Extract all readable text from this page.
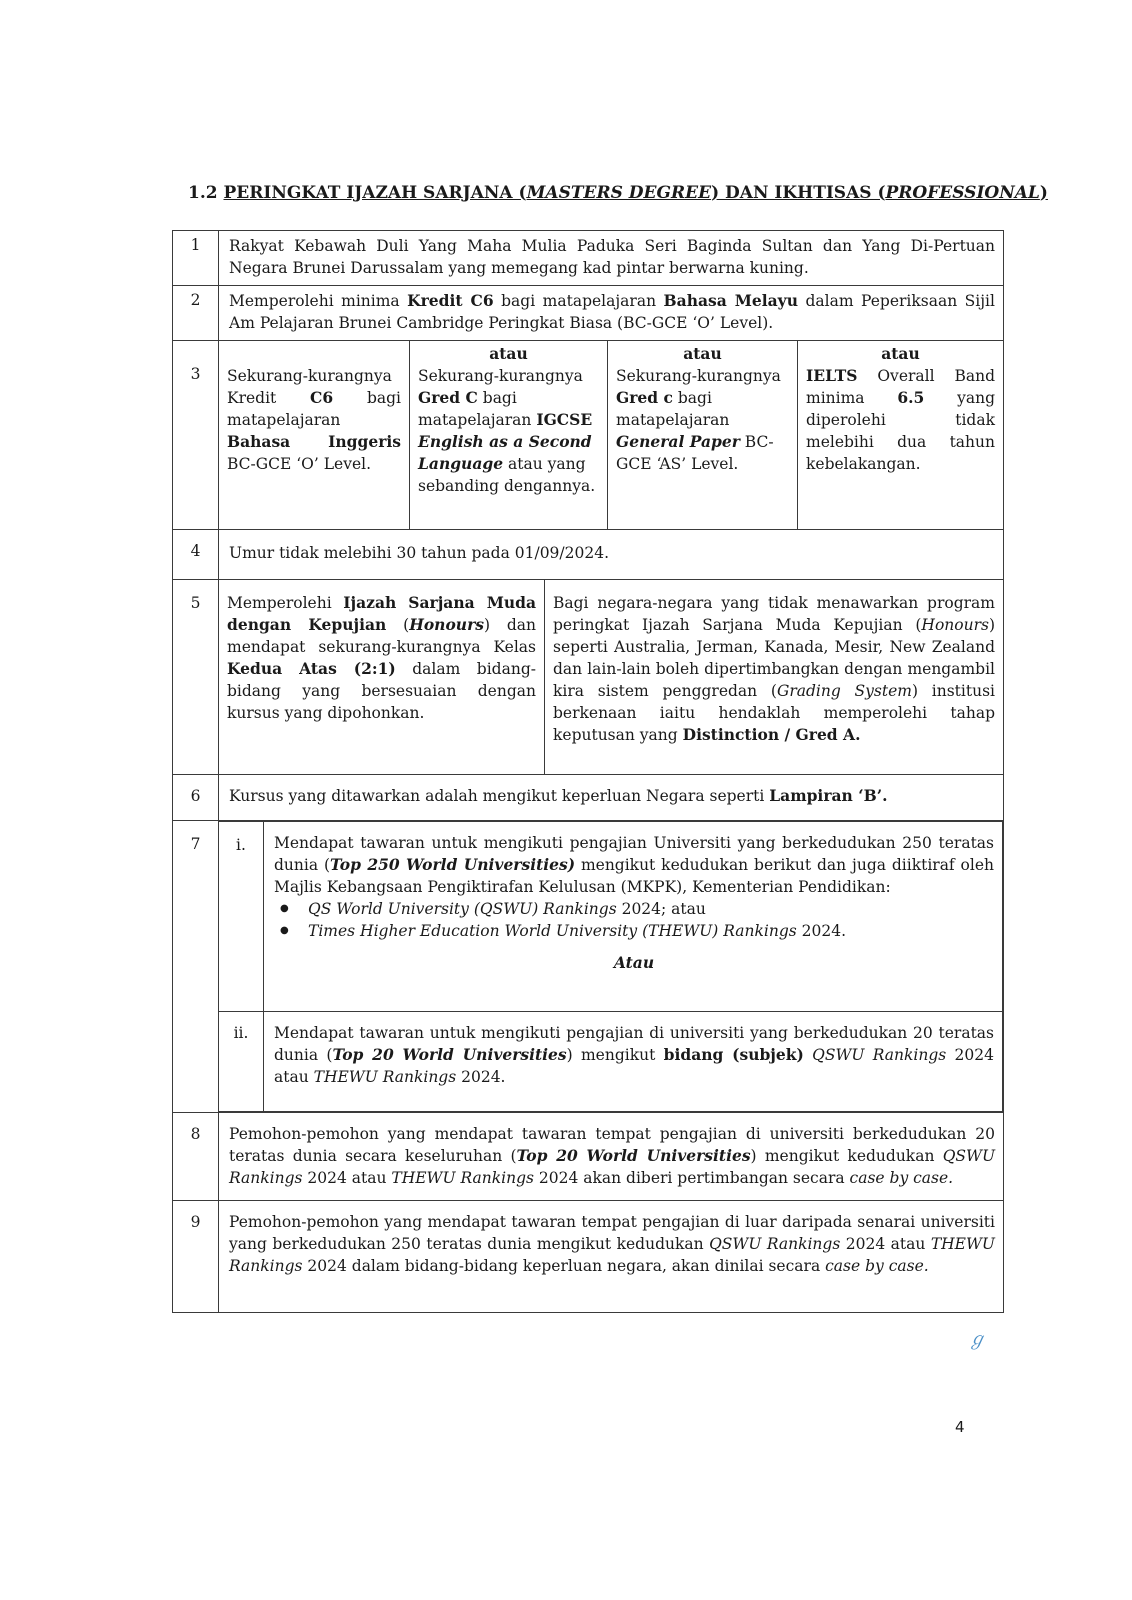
1.2 PERINGKAT IJAZAH SARJANA (MASTERS DEGREE) DAN IKHTISAS (PROFESSIONAL)
1	Rakyat Kebawah Duli Yang Maha Mulia Paduka Seri Baginda Sultan dan Yang Di-Pertuan Negara Brunei Darussalam yang memegang kad pintar berwarna kuning.

2	Memperolehi minima Kredit C6 bagi matapelajaran Bahasa Melayu dalam Peperiksaan Sijil Am Pelajaran Brunei Cambridge Peringkat Biasa (BC-GCE ‘O’ Level).

3	Sekurang-kurangnya Kredit C6 bagi matapelajaran Bahasa Inggeris BC-GCE ‘O’ Level.
atau
Sekurang-kurangnya Gred C bagi matapelajaran IGCSE English as a Second Language atau yang sebanding dengannya.
atau
Sekurang-kurangnya Gred c bagi matapelajaran General Paper BC-GCE ‘AS’ Level.
atau
IELTS Overall Band minima 6.5 yang diperolehi tidak melebihi dua tahun kebelakangan.

4	Umur tidak melebihi 30 tahun pada 01/09/2024.

5	Memperolehi Ijazah Sarjana Muda dengan Kepujian (Honours) dan mendapat sekurang-kurangnya Kelas Kedua Atas (2:1) dalam bidang-bidang yang bersesuaian dengan kursus yang dipohonkan.
Bagi negara-negara yang tidak menawarkan program peringkat Ijazah Sarjana Muda Kepujian (Honours) seperti Australia, Jerman, Kanada, Mesir, New Zealand dan lain-lain boleh dipertimbangkan dengan mengambil kira sistem penggredan (Grading System) institusi berkenaan iaitu hendaklah memperolehi tahap keputusan yang Distinction / Gred A.

6	Kursus yang ditawarkan adalah mengikut keperluan Negara seperti Lampiran ‘B’.

7	i.	Mendapat tawaran untuk mengikuti pengajian Universiti yang berkedudukan 250 teratas dunia (Top 250 World Universities) mengikut kedudukan berikut dan juga diiktiraf oleh Majlis Kebangsaan Pengiktirafan Kelulusan (MKPK), Kementerian Pendidikan:
● QS World University (QSWU) Rankings 2024; atau
● Times Higher Education World University (THEWU) Rankings 2024.
Atau

ii.	Mendapat tawaran untuk mengikuti pengajian di universiti yang berkedudukan 20 teratas dunia (Top 20 World Universities) mengikut bidang (subjek) QSWU Rankings 2024 atau THEWU Rankings 2024.

8	Pemohon-pemohon yang mendapat tawaran tempat pengajian di universiti berkedudukan 20 teratas dunia secara keseluruhan (Top 20 World Universities) mengikut kedudukan QSWU Rankings 2024 atau THEWU Rankings 2024 akan diberi pertimbangan secara case by case.

9	Pemohon-pemohon yang mendapat tawaran tempat pengajian di luar daripada senarai universiti yang berkedudukan 250 teratas dunia mengikut kedudukan QSWU Rankings 2024 atau THEWU Rankings 2024 dalam bidang-bidang keperluan negara, akan dinilai secara case by case.
ℊ
4
